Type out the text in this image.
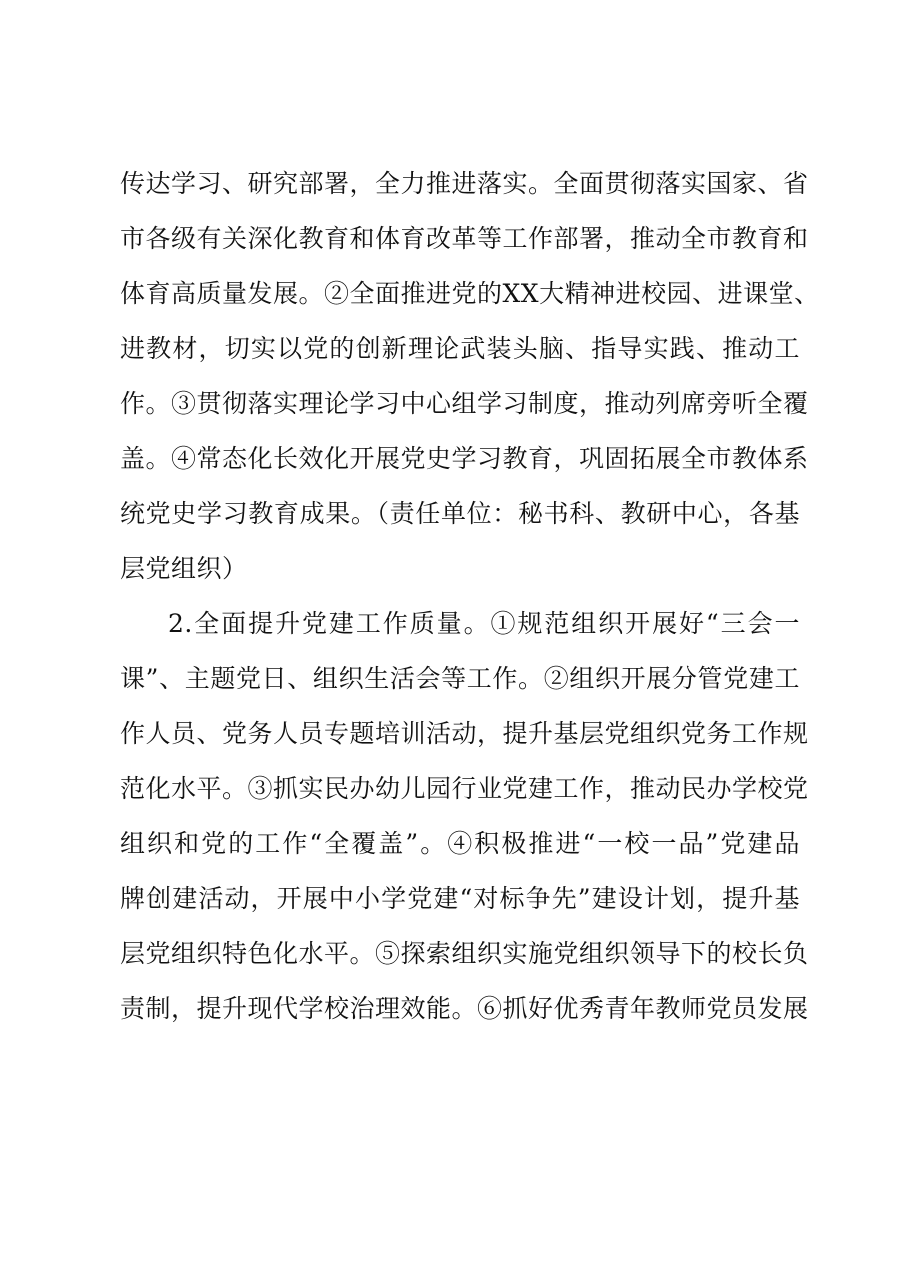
传达学习、研究部署，全力推进落实。全面贯彻落实国家、省
市各级有关深化教育和体育改革等工作部署，推动全市教育和
体育高质量发展。②全面推进党的XX大精神进校园、进课堂、
进教材，切实以党的创新理论武装头脑、指导实践、推动工
作。③贯彻落实理论学习中心组学习制度，推动列席旁听全覆
盖。④常态化长效化开展党史学习教育，巩固拓展全市教体系
统党史学习教育成果。（责任单位：秘书科、教研中心，各基
层党组织）
2.全面提升党建工作质量。①规范组织开展好“三会一
课”、主题党日、组织生活会等工作。②组织开展分管党建工
作人员、党务人员专题培训活动，提升基层党组织党务工作规
范化水平。③抓实民办幼儿园行业党建工作，推动民办学校党
组织和党的工作“全覆盖”。④积极推进“一校一品”党建品
牌创建活动，开展中小学党建“对标争先”建设计划，提升基
层党组织特色化水平。⑤探索组织实施党组织领导下的校长负
责制，提升现代学校治理效能。⑥抓好优秀青年教师党员发展
